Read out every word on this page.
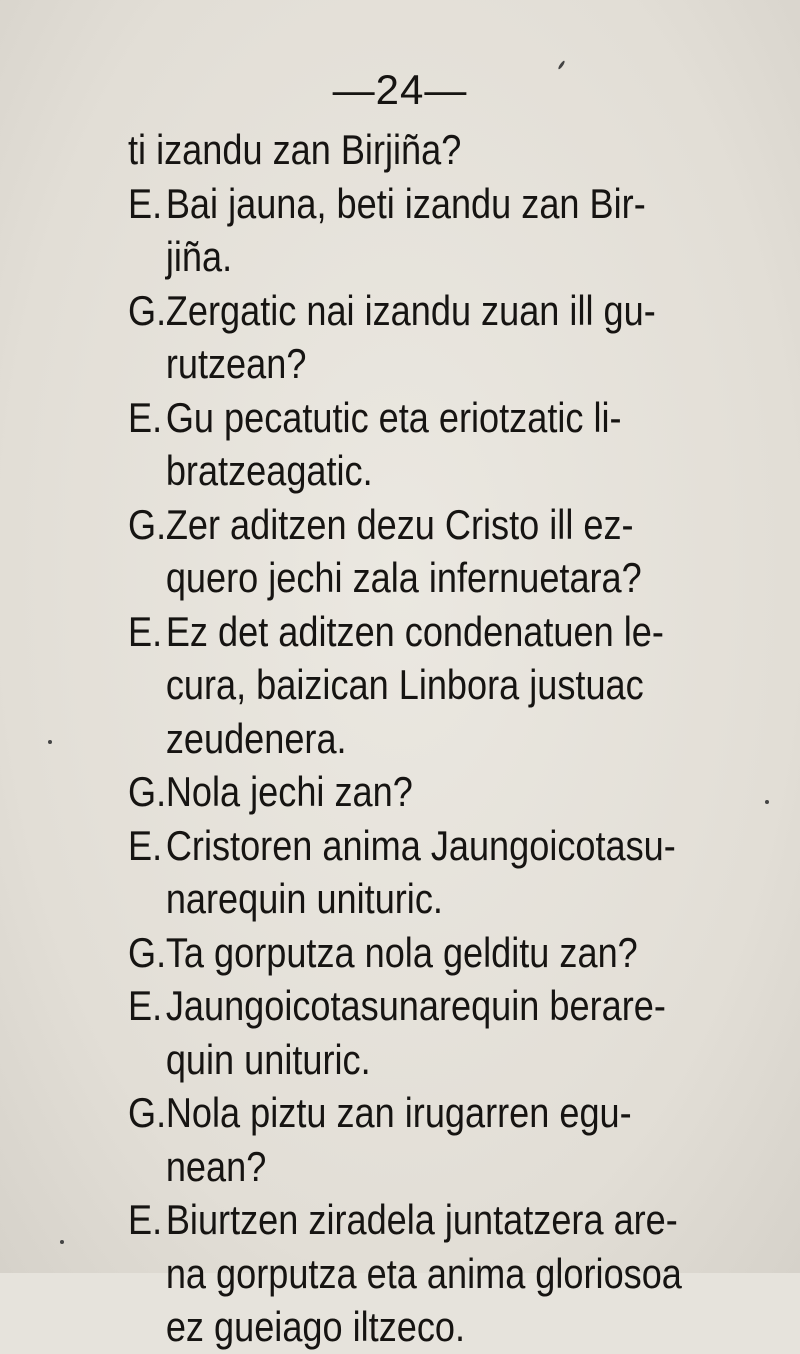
—24—
ti izandu zan Birjiña?
E.Bai jauna, beti izandu zan Bir-
jiña.
G.Zergatic nai izandu zuan ill gu-
rutzean?
E.Gu pecatutic eta eriotzatic li-
bratzeagatic.
G.Zer aditzen dezu Cristo ill ez-
quero jechi zala infernuetara?
E.Ez det aditzen condenatuen le-
cura, baizican Linbora justuac
zeudenera.
G.Nola jechi zan?
E.Cristoren anima Jaungoicotasu-
narequin unituric.
G.Ta gorputza nola gelditu zan?
E.Jaungoicotasunarequin berare-
quin unituric.
G.Nola piztu zan irugarren egu-
nean?
E.Biurtzen ziradela juntatzera are-
na gorputza eta anima gloriosoa
ez gueiago iltzeco.
